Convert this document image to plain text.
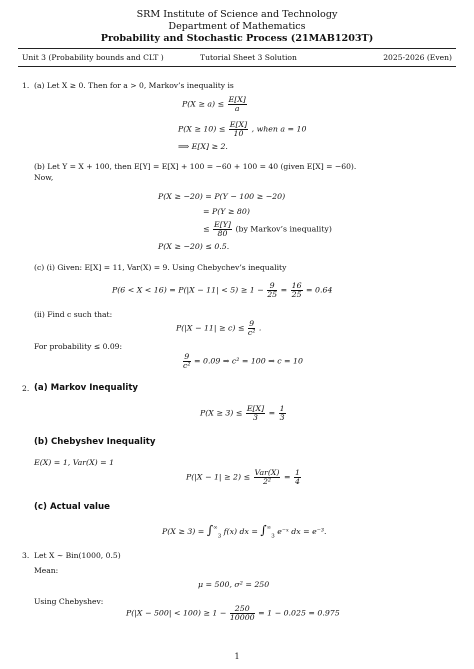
SRM Institute of Science and Technology
Department of Mathematics
Probability and Stochastic Process (21MAB1203T)
Unit 3 (Probability bounds and CLT )	Tutorial Sheet 3 Solution	2025-2026 (Even)
1. (a) Let X ≥ 0. Then for a > 0, Markov’s inequality is
$P(X \ge a) \le \frac{E[X]}{a}$
$P(X \ge 10) \le \frac{E[X]}{10}$ , when a = 10
⟹ E[X] ≥ 2.
(b) Let Y = X + 100, then E[Y] = E[X] + 100 = −60 + 100 = 40 (given E[X] = −60).
Now,
P(X ≥ −20) = P(Y − 100 ≥ −20)
= P(Y ≥ 80)
≤ $\frac{E[Y]}{80} (by$ Markov’s inequality)
P(X ≥ −20) ≤ 0.5.
(c) (i) Given: E[X] = 11, Var(X) = 9. Using Chebychev’s inequality
$P(6 < X < 16) = P(|X - 11| < 5) \ge 1 - \frac{9}{25} = \frac{16}{25} = 0.64$
(ii) Find c such that:
$P(|X - 11| \ge c) \le \frac{9}{\text{c²}}$ .
For probability ≤ 0.09:
$\frac{9}{\text{c²}} = 0.09$ ⇒ c² = 100 ⇒ c = 10
2. (a) Markov Inequality
$P(X \ge 3) \le \frac{E[X]}{3} = \frac{1}{3}$
(b) Chebyshev Inequality
E(X) = 1, Var(X) = 1
$P(|X - 1| \ge 2) \le \frac{\text{Var(X)}}{\text{2²}} = \frac{1}{4}$
(c) Actual value
$P(X \ge 3) = \int^\infty_3$ f(x) dx = $\int^\infty_3$ e⁻ˣ dx = e⁻³.
3. Let X ∼ Bin(1000, 0.5)
Mean:
μ = 500, σ² = 250
Using Chebyshev:
$P(|X - 500| < 100) \ge 1 - \frac{250}{10000} = 1 - 0.025 = 0.975$
1
